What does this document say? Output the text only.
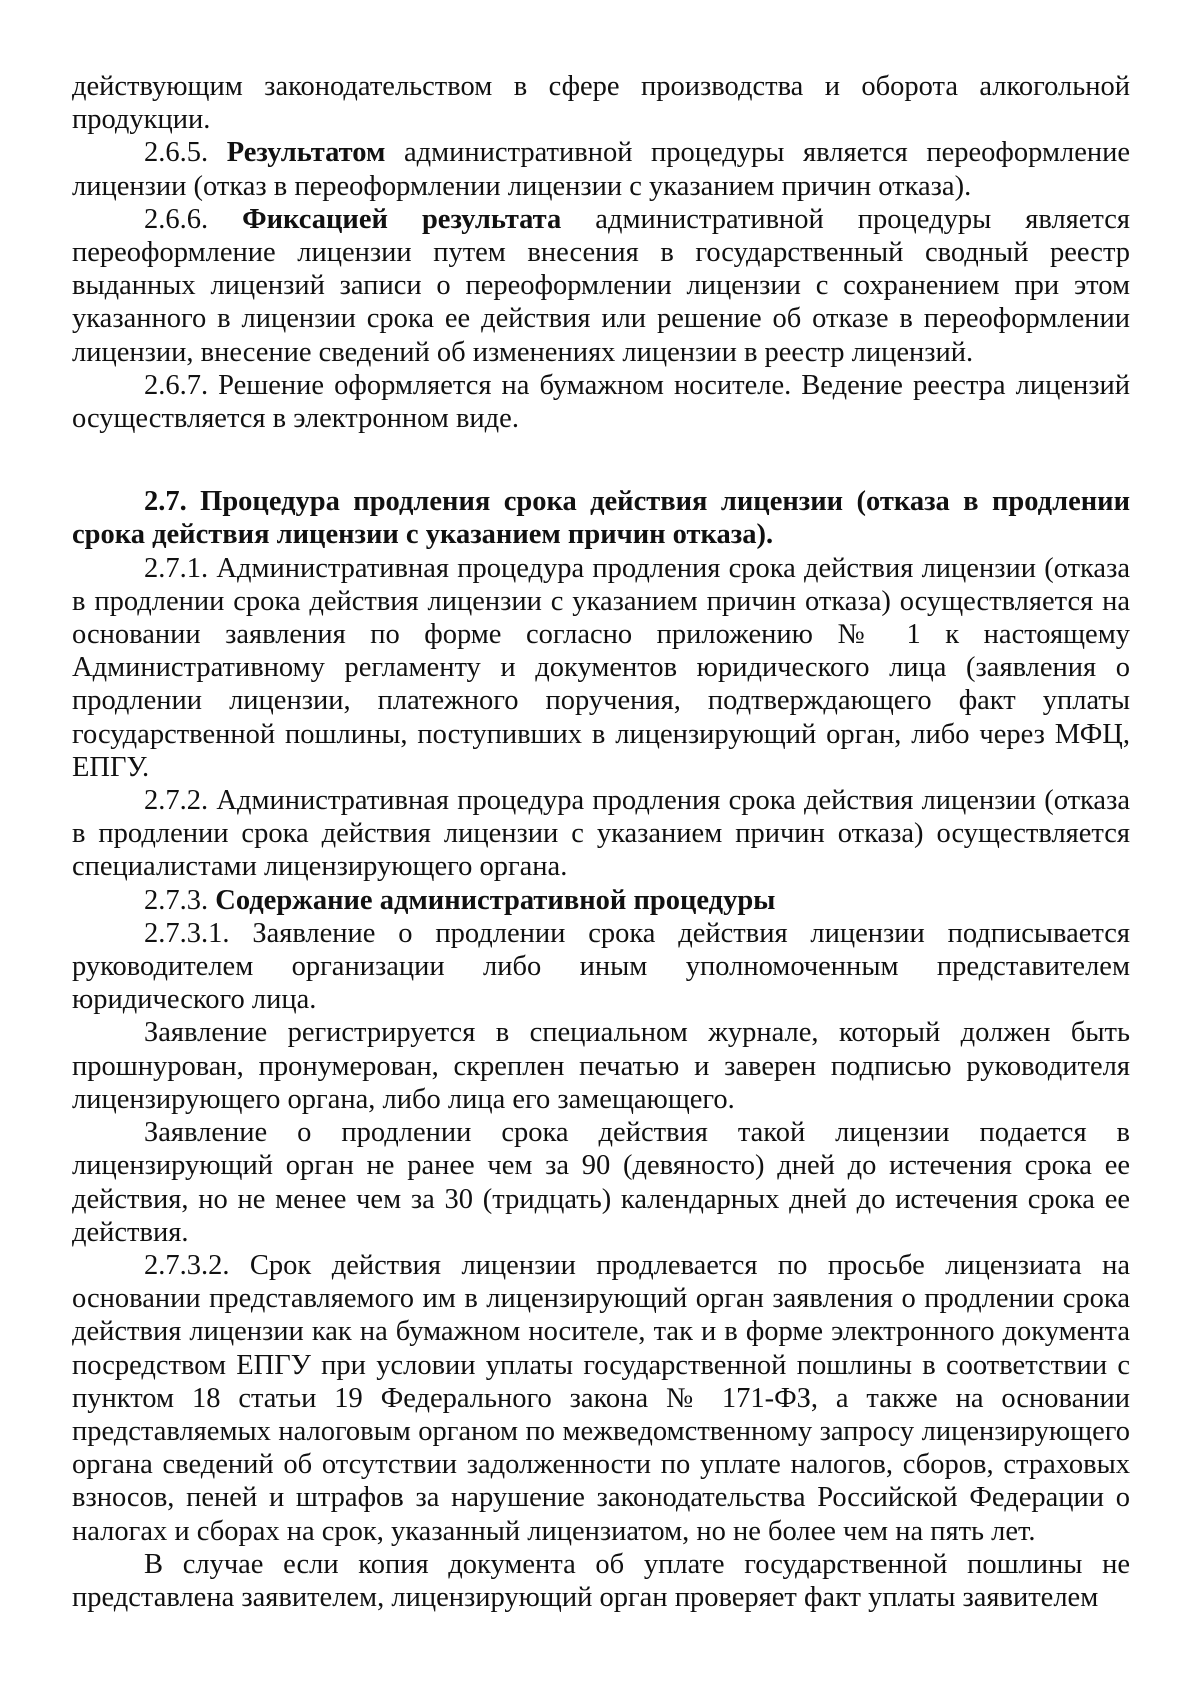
действующим законодательством в сфере производства и оборота алкогольной продукции.

2.6.5. Результатом административной процедуры является переоформление лицензии (отказ в переоформлении лицензии с указанием причин отказа).

2.6.6. Фиксацией результата административной процедуры является переоформление лицензии путем внесения в государственный сводный реестр выданных лицензий записи о переоформлении лицензии с сохранением при этом указанного в лицензии срока ее действия или решение об отказе в переоформлении лицензии, внесение сведений об изменениях лицензии в реестр лицензий.

2.6.7. Решение оформляется на бумажном носителе. Ведение реестра лицензий осуществляется в электронном виде.

2.7. Процедура продления срока действия лицензии (отказа в продлении срока действия лицензии с указанием причин отказа).

2.7.1. Административная процедура продления срока действия лицензии (отказа в продлении срока действия лицензии с указанием причин отказа) осуществляется на основании заявления по форме согласно приложению № 1 к настоящему Административному регламенту и документов юридического лица (заявления о продлении лицензии, платежного поручения, подтверждающего факт уплаты государственной пошлины, поступивших в лицензирующий орган, либо через МФЦ, ЕПГУ.

2.7.2. Административная процедура продления срока действия лицензии (отказа в продлении срока действия лицензии с указанием причин отказа) осуществляется специалистами лицензирующего органа.

2.7.3. Содержание административной процедуры

2.7.3.1. Заявление о продлении срока действия лицензии подписывается руководителем организации либо иным уполномоченным представителем юридического лица.

Заявление регистрируется в специальном журнале, который должен быть прошнурован, пронумерован, скреплен печатью и заверен подписью руководителя лицензирующего органа, либо лица его замещающего.

Заявление о продлении срока действия такой лицензии подается в лицензирующий орган не ранее чем за 90 (девяносто) дней до истечения срока ее действия, но не менее чем за 30 (тридцать) календарных дней до истечения срока ее действия.

2.7.3.2. Срок действия лицензии продлевается по просьбе лицензиата на основании представляемого им в лицензирующий орган заявления о продлении срока действия лицензии как на бумажном носителе, так и в форме электронного документа посредством ЕПГУ при условии уплаты государственной пошлины в соответствии с пунктом 18 статьи 19 Федерального закона № 171-ФЗ, а также на основании представляемых налоговым органом по межведомственному запросу лицензирующего органа сведений об отсутствии задолженности по уплате налогов, сборов, страховых взносов, пеней и штрафов за нарушение законодательства Российской Федерации о налогах и сборах на срок, указанный лицензиатом, но не более чем на пять лет.

В случае если копия документа об уплате государственной пошлины не представлена заявителем, лицензирующий орган проверяет факт уплаты заявителем
